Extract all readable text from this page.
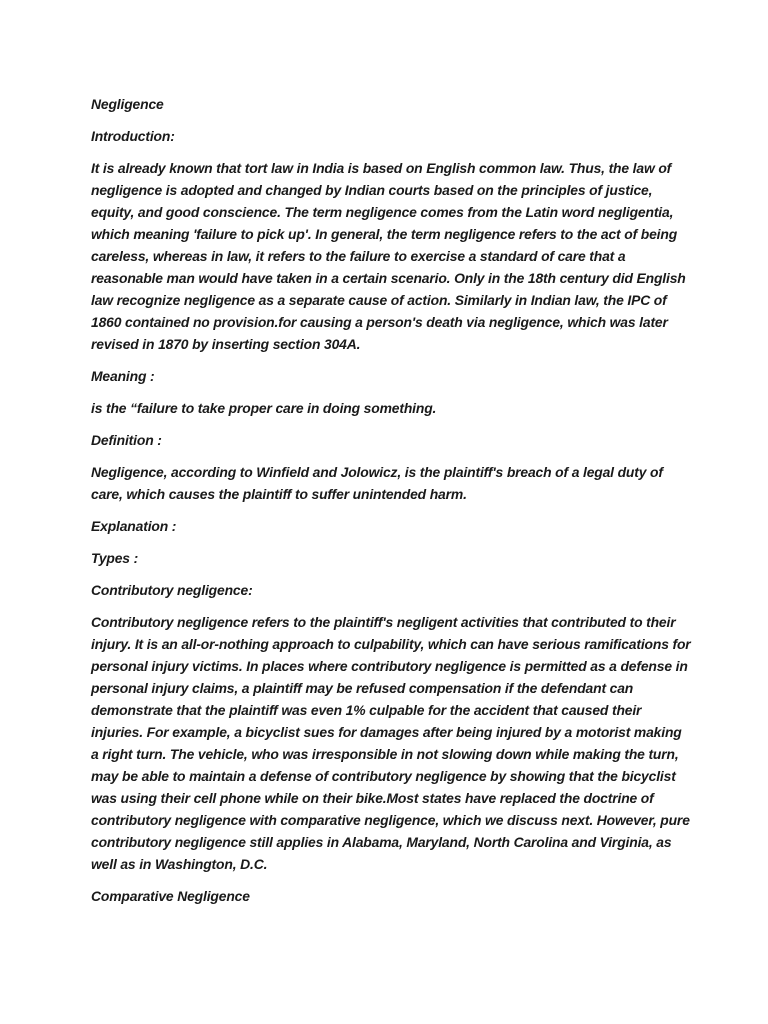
Negligence

Introduction:

It is already known that tort law in India is based on English common law. Thus, the law of negligence is adopted and changed by Indian courts based on the principles of justice, equity, and good conscience. The term negligence comes from the Latin word negligentia, which meaning 'failure to pick up'. In general, the term negligence refers to the act of being careless, whereas in law, it refers to the failure to exercise a standard of care that a reasonable man would have taken in a certain scenario. Only in the 18th century did English law recognize negligence as a separate cause of action. Similarly in Indian law, the IPC of 1860 contained no provision.for causing a person's death via negligence, which was later revised in 1870 by inserting section 304A.

Meaning :

is the “failure to take proper care in doing something.

Definition :

Negligence, according to Winfield and Jolowicz, is the plaintiff's breach of a legal duty of care, which causes the plaintiff to suffer unintended harm.

Explanation :

Types :

Contributory negligence:

Contributory negligence refers to the plaintiff's negligent activities that contributed to their injury. It is an all-or-nothing approach to culpability, which can have serious ramifications for personal injury victims. In places where contributory negligence is permitted as a defense in personal injury claims, a plaintiff may be refused compensation if the defendant can demonstrate that the plaintiff was even 1% culpable for the accident that caused their injuries. For example, a bicyclist sues for damages after being injured by a motorist making a right turn. The vehicle, who was irresponsible in not slowing down while making the turn, may be able to maintain a defense of contributory negligence by showing that the bicyclist was using their cell phone while on their bike.Most states have replaced the doctrine of contributory negligence with comparative negligence, which we discuss next. However, pure contributory negligence still applies in Alabama, Maryland, North Carolina and Virginia, as well as in Washington, D.C.

Comparative Negligence
